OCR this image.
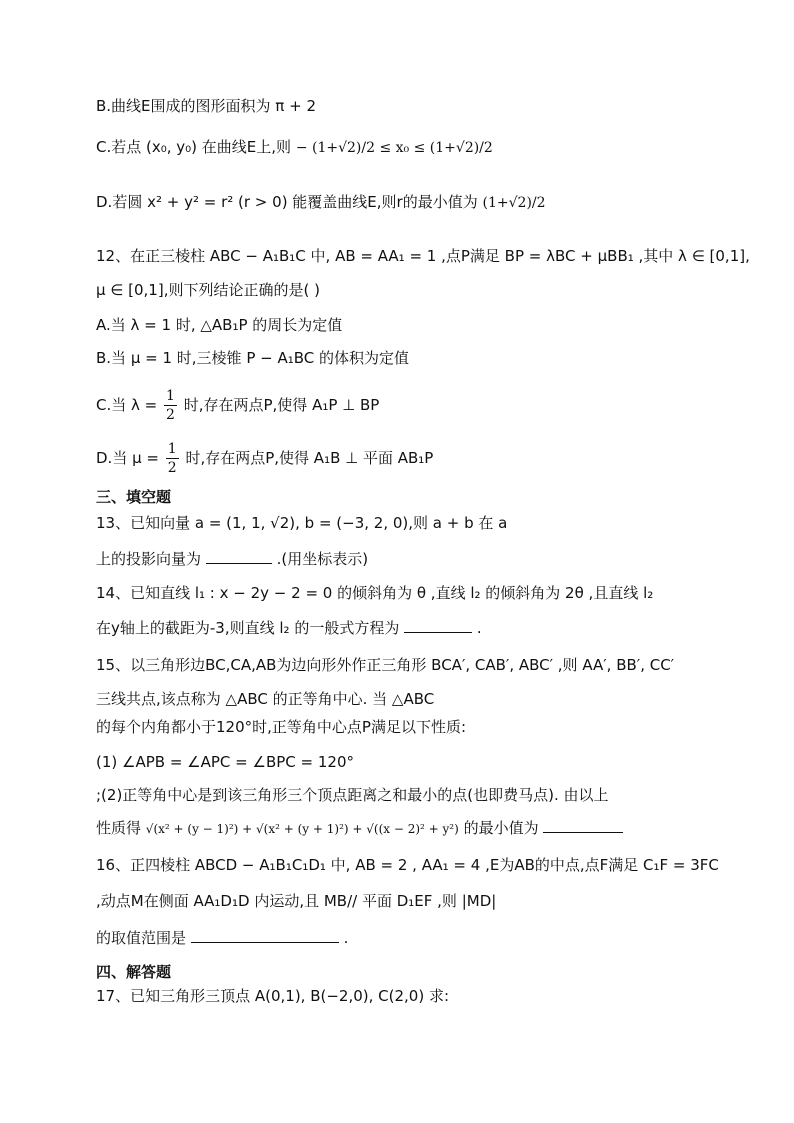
B.曲线E围成的图形面积为 π + 2
C.若点 (x₀, y₀) 在曲线E上,则 − (1+√2)/2 ≤ x₀ ≤ (1+√2)/2
D.若圆 x² + y² = r² (r > 0) 能覆盖曲线E,则r的最小值为 (1+√2)/2
12、在正三棱柱 ABC − A₁B₁C 中, AB = AA₁ = 1 ,点P满足 BP = λBC + μBB₁ ,其中 λ ∈ [0,1],
μ ∈ [0,1],则下列结论正确的是( )
A.当 λ = 1 时, △AB₁P 的周长为定值
B.当 μ = 1 时,三棱锥 P − A₁BC 的体积为定值
C.当 $\lambda = \frac{1}{2}$ 时,存在两点P,使得 A₁P ⊥ BP
D.当 $\mu = \frac{1}{2}$ 时,存在两点P,使得 A₁B ⊥ 平面 AB₁P
三、填空题
13、已知向量 a = (1, 1, √2), b = (−3, 2, 0),则 a + b 在 a
上的投影向量为	.(用坐标表示)
14、已知直线 l₁ : x − 2y − 2 = 0 的倾斜角为 θ ,直线 l₂ 的倾斜角为 2θ ,且直线 l₂
在y轴上的截距为-3,则直线 l₂ 的一般式方程为	.
15、以三角形边BC,CA,AB为边向形外作正三角形 BCA′, CAB′, ABC′ ,则 AA′, BB′, CC′
三线共点,该点称为 △ABC 的正等角中心. 当 △ABC
的每个内角都小于120°时,正等角中心点P满足以下性质:
(1) ∠APB = ∠APC = ∠BPC = 120°
;(2)正等角中心是到该三角形三个顶点距离之和最小的点(也即费马点). 由以上
性质得 √(x² + (y − 1)²) + √(x² + (y + 1)²) + √((x − 2)² + y²) 的最小值为
16、正四棱柱 ABCD − A₁B₁C₁D₁ 中, AB = 2 , AA₁ = 4 ,E为AB的中点,点F满足 C₁F = 3FC
,动点M在侧面 AA₁D₁D 内运动,且 MB// 平面 D₁EF ,则 |MD|
的取值范围是	.
四、解答题
17、已知三角形三顶点 A(0,1), B(−2,0), C(2,0) 求:
